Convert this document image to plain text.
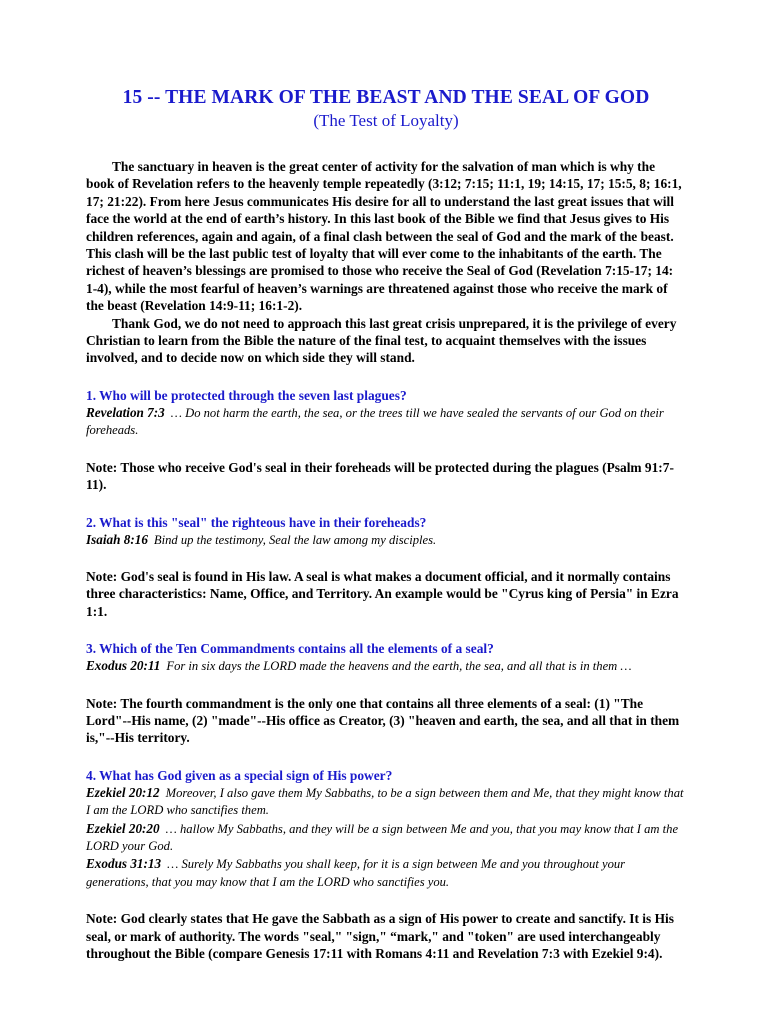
15 -- THE MARK OF THE BEAST AND THE SEAL OF GOD
(The Test of Loyalty)

The sanctuary in heaven is the great center of activity for the salvation of man which is why the book of Revelation refers to the heavenly temple repeatedly (3:12; 7:15; 11:1, 19; 14:15, 17; 15:5, 8; 16:1, 17; 21:22). From here Jesus communicates His desire for all to understand the last great issues that will face the world at the end of earth’s history. In this last book of the Bible we find that Jesus gives to His children references, again and again, of a final clash between the seal of God and the mark of the beast. This clash will be the last public test of loyalty that will ever come to the inhabitants of the earth. The richest of heaven’s blessings are promised to those who receive the Seal of God (Revelation 7:15-17; 14: 1-4), while the most fearful of heaven’s warnings are threatened against those who receive the mark of the beast (Revelation 14:9-11; 16:1-2).

Thank God, we do not need to approach this last great crisis unprepared, it is the privilege of every Christian to learn from the Bible the nature of the final test, to acquaint themselves with the issues involved, and to decide now on which side they will stand.

1. Who will be protected through the seven last plagues?

Revelation 7:3 … Do not harm the earth, the sea, or the trees till we have sealed the servants of our God on their foreheads.

Note: Those who receive God's seal in their foreheads will be protected during the plagues (Psalm 91:7-11).

2. What is this "seal" the righteous have in their foreheads?

Isaiah 8:16 Bind up the testimony, Seal the law among my disciples.

Note: God's seal is found in His law. A seal is what makes a document official, and it normally contains three characteristics: Name, Office, and Territory. An example would be "Cyrus king of Persia" in Ezra 1:1.

3. Which of the Ten Commandments contains all the elements of a seal?

Exodus 20:11 For in six days the LORD made the heavens and the earth, the sea, and all that is in them …

Note: The fourth commandment is the only one that contains all three elements of a seal: (1) "The Lord"--His name, (2) "made"--His office as Creator, (3) "heaven and earth, the sea, and all that in them is,"--His territory.

4. What has God given as a special sign of His power?

Ezekiel 20:12 Moreover, I also gave them My Sabbaths, to be a sign between them and Me, that they might know that I am the LORD who sanctifies them.

Ezekiel 20:20 … hallow My Sabbaths, and they will be a sign between Me and you, that you may know that I am the LORD your God.

Exodus 31:13 … Surely My Sabbaths you shall keep, for it is a sign between Me and you throughout your generations, that you may know that I am the LORD who sanctifies you.

Note: God clearly states that He gave the Sabbath as a sign of His power to create and sanctify. It is His seal, or mark of authority. The words "seal," "sign," “mark," and "token" are used interchangeably throughout the Bible (compare Genesis 17:11 with Romans 4:11 and Revelation 7:3 with Ezekiel 9:4).
